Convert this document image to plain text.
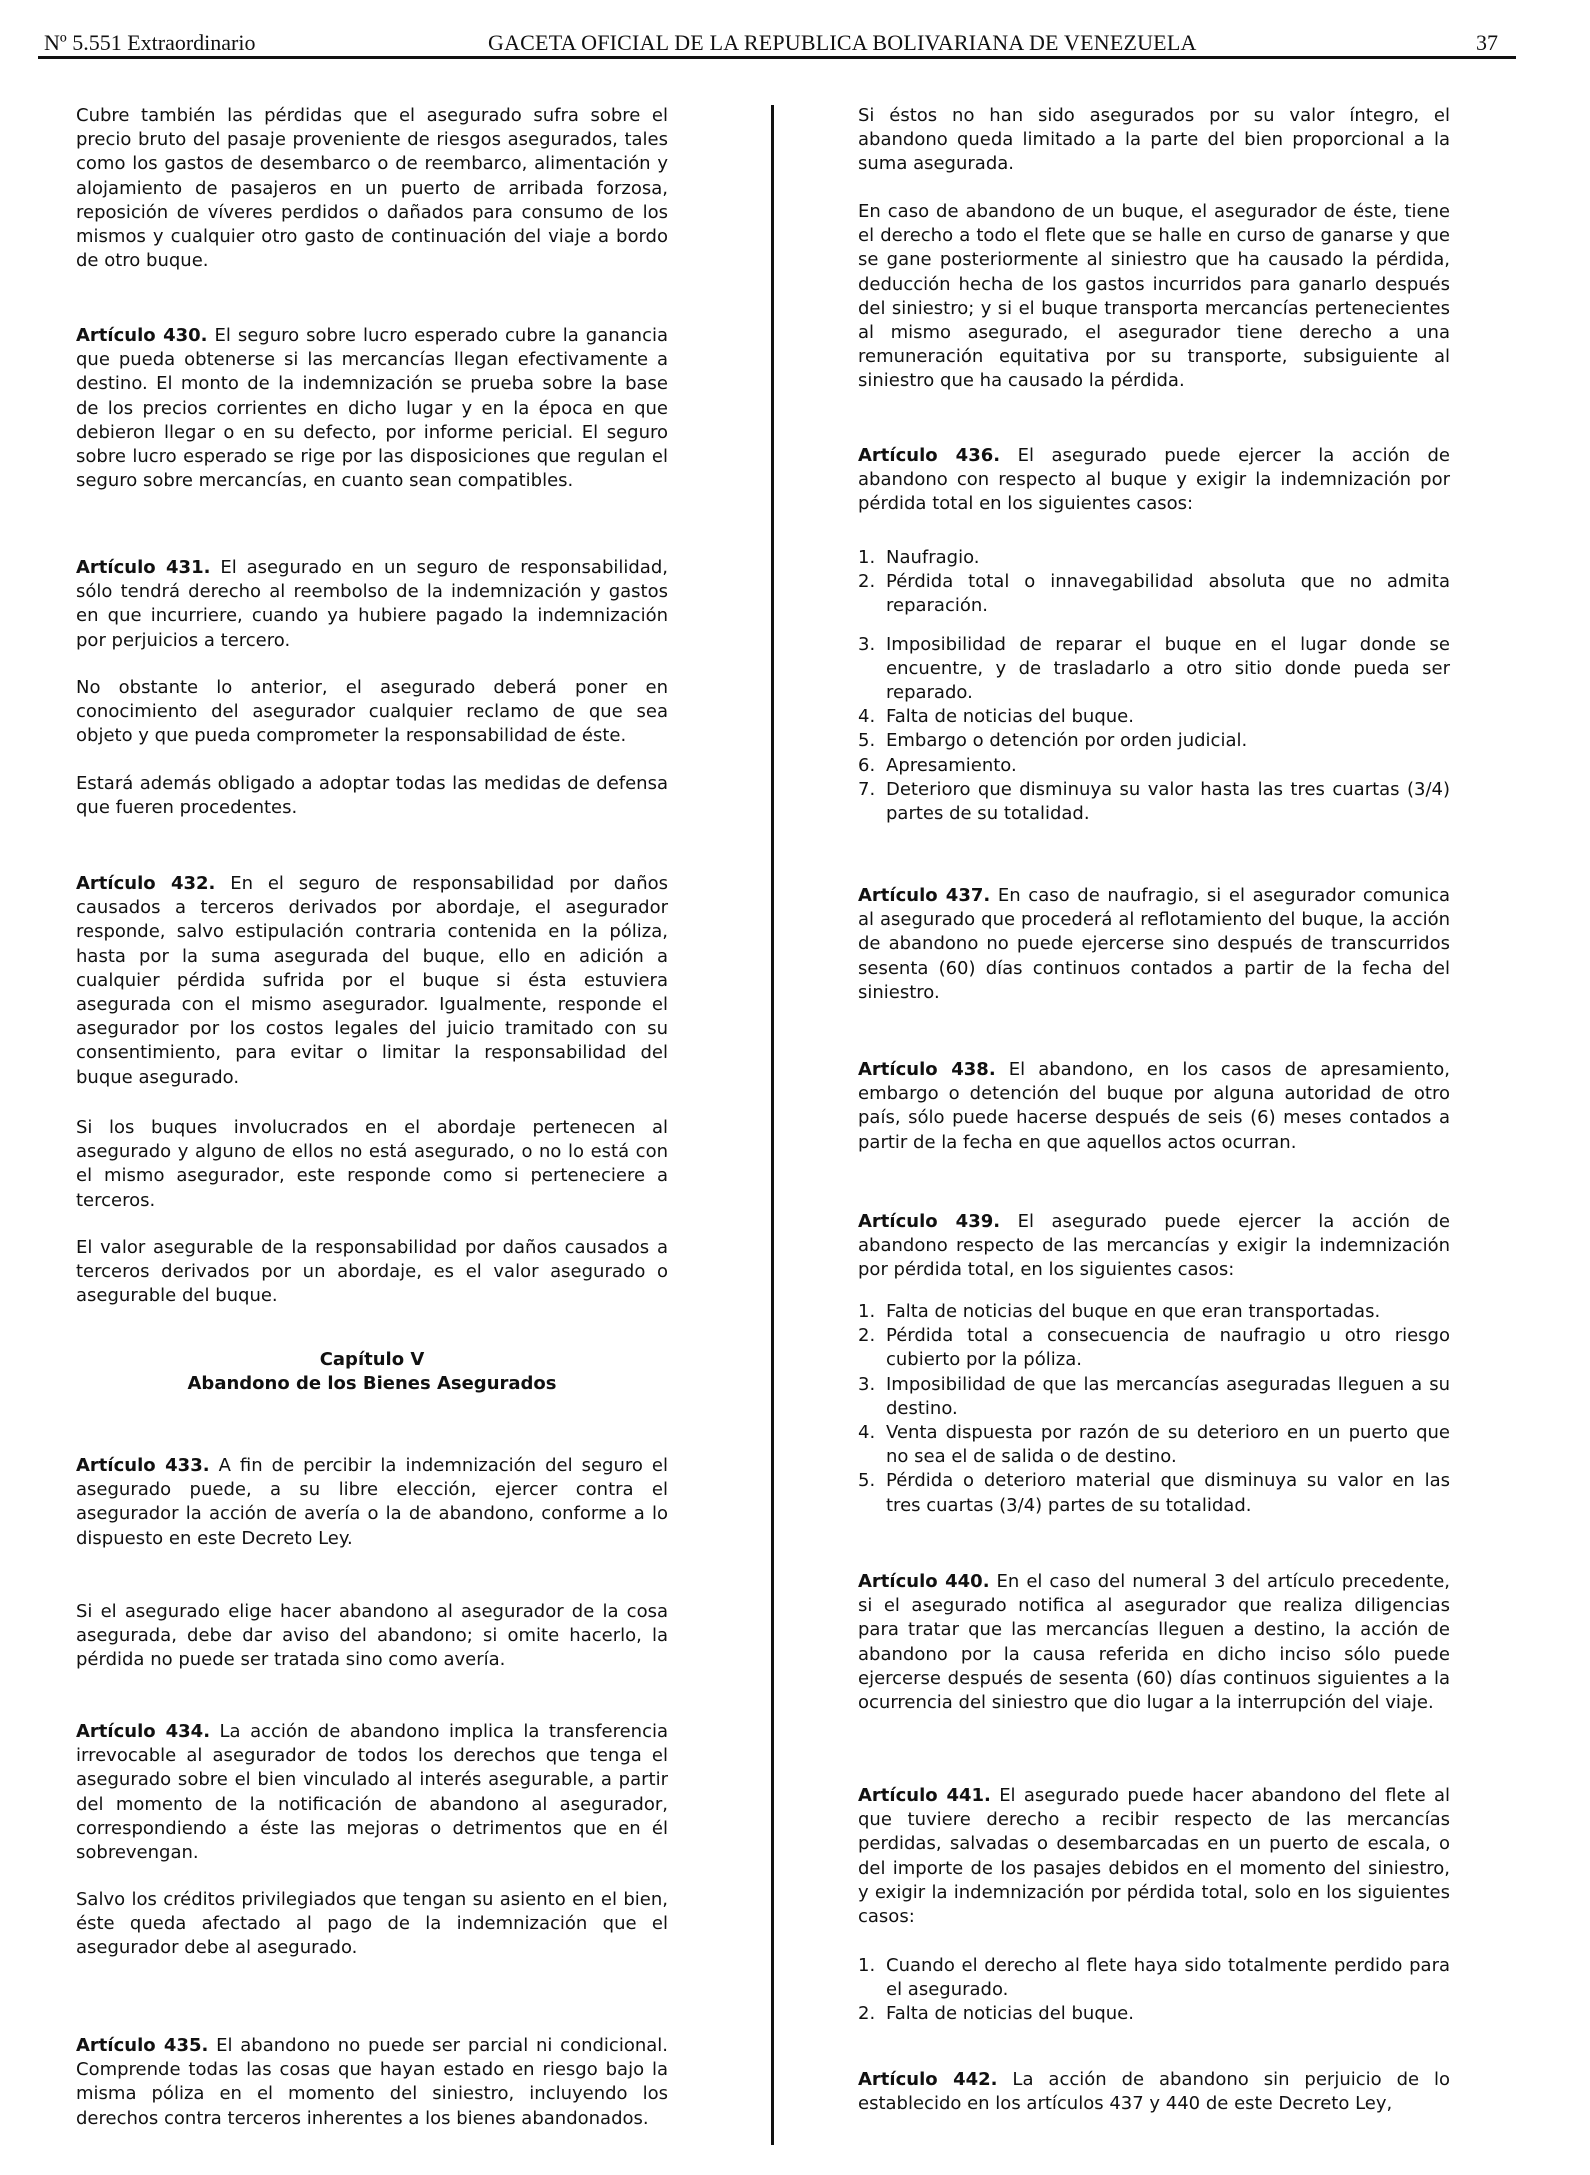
Nº 5.551 Extraordinario	GACETA OFICIAL DE LA REPUBLICA BOLIVARIANA DE VENEZUELA	37

Cubre también las pérdidas que el asegurado sufra sobre el precio bruto del pasaje proveniente de riesgos asegurados, tales como los gastos de desembarco o de reembarco, alimentación y alojamiento de pasajeros en un puerto de arribada forzosa, reposición de víveres perdidos o dañados para consumo de los mismos y cualquier otro gasto de continuación del viaje a bordo de otro buque.

Artículo 430. El seguro sobre lucro esperado cubre la ganancia que pueda obtenerse si las mercancías llegan efectivamente a destino. El monto de la indemnización se prueba sobre la base de los precios corrientes en dicho lugar y en la época en que debieron llegar o en su defecto, por informe pericial. El seguro sobre lucro esperado se rige por las disposiciones que regulan el seguro sobre mercancías, en cuanto sean compatibles.

Artículo 431. El asegurado en un seguro de responsabilidad, sólo tendrá derecho al reembolso de la indemnización y gastos en que incurriere, cuando ya hubiere pagado la indemnización por perjuicios a tercero.

No obstante lo anterior, el asegurado deberá poner en conocimiento del asegurador cualquier reclamo de que sea objeto y que pueda comprometer la responsabilidad de éste.

Estará además obligado a adoptar todas las medidas de defensa que fueren procedentes.

Artículo 432. En el seguro de responsabilidad por daños causados a terceros derivados por abordaje, el asegurador responde, salvo estipulación contraria contenida en la póliza, hasta por la suma asegurada del buque, ello en adición a cualquier pérdida sufrida por el buque si ésta estuviera asegurada con el mismo asegurador. Igualmente, responde el asegurador por los costos legales del juicio tramitado con su consentimiento, para evitar o limitar la responsabilidad del buque asegurado.

Si los buques involucrados en el abordaje pertenecen al asegurado y alguno de ellos no está asegurado, o no lo está con el mismo asegurador, este responde como si perteneciere a terceros.

El valor asegurable de la responsabilidad por daños causados a terceros derivados por un abordaje, es el valor asegurado o asegurable del buque.

Capítulo V
Abandono de los Bienes Asegurados

Artículo 433. A fin de percibir la indemnización del seguro el asegurado puede, a su libre elección, ejercer contra el asegurador la acción de avería o la de abandono, conforme a lo dispuesto en este Decreto Ley.

Si el asegurado elige hacer abandono al asegurador de la cosa asegurada, debe dar aviso del abandono; si omite hacerlo, la pérdida no puede ser tratada sino como avería.

Artículo 434. La acción de abandono implica la transferencia irrevocable al asegurador de todos los derechos que tenga el asegurado sobre el bien vinculado al interés asegurable, a partir del momento de la notificación de abandono al asegurador, correspondiendo a éste las mejoras o detrimentos que en él sobrevengan.

Salvo los créditos privilegiados que tengan su asiento en el bien, éste queda afectado al pago de la indemnización que el asegurador debe al asegurado.

Artículo 435. El abandono no puede ser parcial ni condicional. Comprende todas las cosas que hayan estado en riesgo bajo la misma póliza en el momento del siniestro, incluyendo los derechos contra terceros inherentes a los bienes abandonados.

Si éstos no han sido asegurados por su valor íntegro, el abandono queda limitado a la parte del bien proporcional a la suma asegurada.

En caso de abandono de un buque, el asegurador de éste, tiene el derecho a todo el flete que se halle en curso de ganarse y que se gane posteriormente al siniestro que ha causado la pérdida, deducción hecha de los gastos incurridos para ganarlo después del siniestro; y si el buque transporta mercancías pertenecientes al mismo asegurado, el asegurador tiene derecho a una remuneración equitativa por su transporte, subsiguiente al siniestro que ha causado la pérdida.

Artículo 436. El asegurado puede ejercer la acción de abandono con respecto al buque y exigir la indemnización por pérdida total en los siguientes casos:

1. Naufragio.
2. Pérdida total o innavegabilidad absoluta que no admita reparación.
3. Imposibilidad de reparar el buque en el lugar donde se encuentre, y de trasladarlo a otro sitio donde pueda ser reparado.
4. Falta de noticias del buque.
5. Embargo o detención por orden judicial.
6. Apresamiento.
7. Deterioro que disminuya su valor hasta las tres cuartas (3/4) partes de su totalidad.

Artículo 437. En caso de naufragio, si el asegurador comunica al asegurado que procederá al reflotamiento del buque, la acción de abandono no puede ejercerse sino después de transcurridos sesenta (60) días continuos contados a partir de la fecha del siniestro.

Artículo 438. El abandono, en los casos de apresamiento, embargo o detención del buque por alguna autoridad de otro país, sólo puede hacerse después de seis (6) meses contados a partir de la fecha en que aquellos actos ocurran.

Artículo 439. El asegurado puede ejercer la acción de abandono respecto de las mercancías y exigir la indemnización por pérdida total, en los siguientes casos:

1. Falta de noticias del buque en que eran transportadas.
2. Pérdida total a consecuencia de naufragio u otro riesgo cubierto por la póliza.
3. Imposibilidad de que las mercancías aseguradas lleguen a su destino.
4. Venta dispuesta por razón de su deterioro en un puerto que no sea el de salida o de destino.
5. Pérdida o deterioro material que disminuya su valor en las tres cuartas (3/4) partes de su totalidad.

Artículo 440. En el caso del numeral 3 del artículo precedente, si el asegurado notifica al asegurador que realiza diligencias para tratar que las mercancías lleguen a destino, la acción de abandono por la causa referida en dicho inciso sólo puede ejercerse después de sesenta (60) días continuos siguientes a la ocurrencia del siniestro que dio lugar a la interrupción del viaje.

Artículo 441. El asegurado puede hacer abandono del flete al que tuviere derecho a recibir respecto de las mercancías perdidas, salvadas o desembarcadas en un puerto de escala, o del importe de los pasajes debidos en el momento del siniestro, y exigir la indemnización por pérdida total, solo en los siguientes casos:

1. Cuando el derecho al flete haya sido totalmente perdido para el asegurado.
2. Falta de noticias del buque.

Artículo 442. La acción de abandono sin perjuicio de lo establecido en los artículos 437 y 440 de este Decreto Ley,
